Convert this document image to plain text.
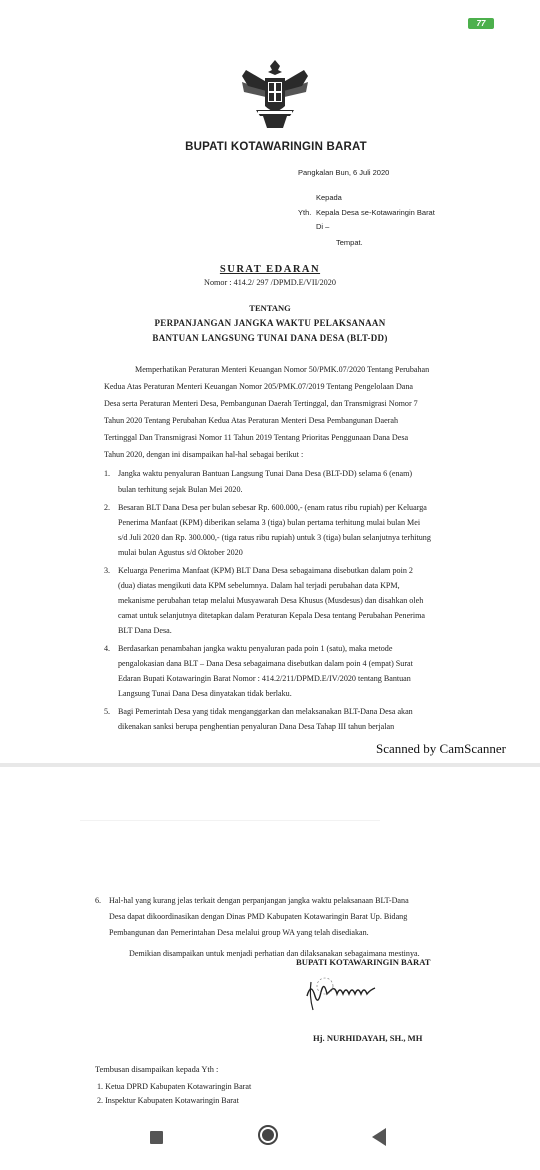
77
BUPATI KOTAWARINGIN BARAT
Pangkalan Bun, 6 Juli 2020
Kepada
Yth. Kepala Desa se-Kotawaringin Barat
Di –
Tempat.
SURAT EDARAN
Nomor : 414.2/ 297 /DPMD.E/VII/2020
TENTANG
PERPANJANGAN JANGKA WAKTU PELAKSANAAN
BANTUAN LANGSUNG TUNAI DANA DESA (BLT-DD)
Memperhatikan Peraturan Menteri Keuangan Nomor 50/PMK.07/2020 Tentang Perubahan
Kedua Atas Peraturan Menteri Keuangan Nomor 205/PMK.07/2019 Tentang Pengelolaan Dana
Desa serta Peraturan Menteri Desa, Pembangunan Daerah Tertinggal, dan Transmigrasi Nomor 7
Tahun 2020 Tentang Perubahan Kedua Atas Peraturan Menteri Desa Pembangunan Daerah
Tertinggal Dan Transmigrasi Nomor 11 Tahun 2019 Tentang Prioritas Penggunaan Dana Desa
Tahun 2020, dengan ini disampaikan hal-hal sebagai berikut :
1. Jangka waktu penyaluran Bantuan Langsung Tunai Dana Desa (BLT-DD) selama 6 (enam)
bulan terhitung sejak Bulan Mei 2020.
2. Besaran BLT Dana Desa per bulan sebesar Rp. 600.000,- (enam ratus ribu rupiah) per Keluarga
Penerima Manfaat (KPM) diberikan selama 3 (tiga) bulan pertama terhitung mulai bulan Mei
s/d Juli 2020 dan Rp. 300.000,- (tiga ratus ribu rupiah) untuk 3 (tiga) bulan selanjutnya terhitung
mulai bulan Agustus s/d Oktober 2020
3. Keluarga Penerima Manfaat (KPM) BLT Dana Desa sebagaimana disebutkan dalam poin 2
(dua) diatas mengikuti data KPM sebelumnya. Dalam hal terjadi perubahan data KPM,
mekanisme perubahan tetap melalui Musyawarah Desa Khusus (Musdesus) dan disahkan oleh
camat untuk selanjutnya ditetapkan dalam Peraturan Kepala Desa tentang Perubahan Penerima
BLT Dana Desa.
4. Berdasarkan penambahan jangka waktu penyaluran pada poin 1 (satu), maka metode
pengalokasian dana BLT – Dana Desa sebagaimana disebutkan dalam poin 4 (empat) Surat
Edaran Bupati Kotawaringin Barat Nomor : 414.2/211/DPMD.E/IV/2020 tentang Bantuan
Langsung Tunai Dana Desa dinyatakan tidak berlaku.
5. Bagi Pemerintah Desa yang tidak menganggarkan dan melaksanakan BLT-Dana Desa akan
dikenakan sanksi berupa penghentian penyaluran Dana Desa Tahap III tahun berjalan
Scanned by CamScanner
6. Hal-hal yang kurang jelas terkait dengan perpanjangan jangka waktu pelaksanaan BLT-Dana
Desa dapat dikoordinasikan dengan Dinas PMD Kabupaten Kotawaringin Barat Up. Bidang
Pembangunan dan Pemerintahan Desa melalui group WA yang telah disediakan.
Demikian disampaikan untuk menjadi perhatian dan dilaksanakan sebagaimana mestinya.
BUPATI KOTAWARINGIN BARAT
Hj. NURHIDAYAH, SH., MH
Tembusan disampaikan kepada Yth :
1. Ketua DPRD Kabupaten Kotawaringin Barat
2. Inspektur Kabupaten Kotawaringin Barat
